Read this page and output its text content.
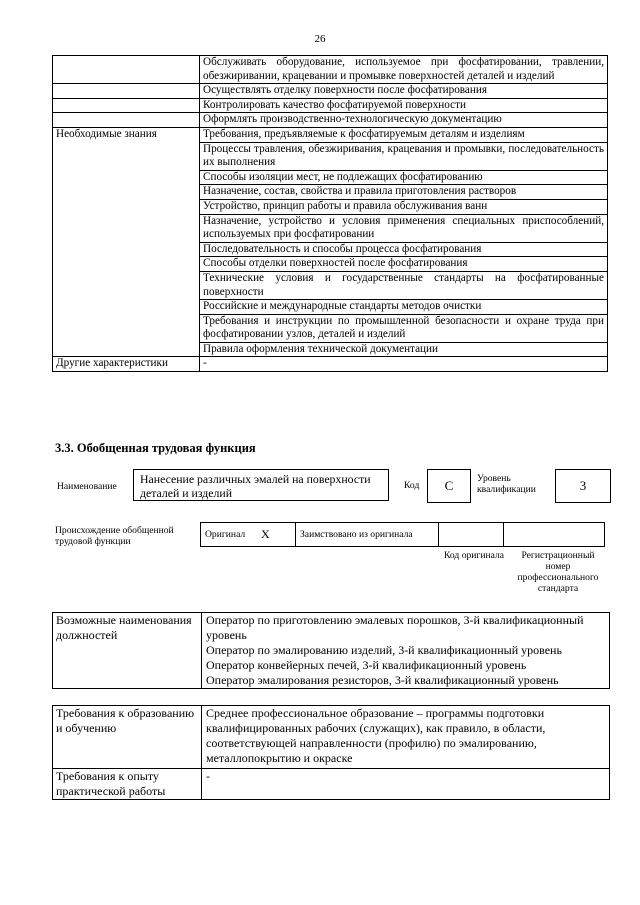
26
	Обслуживать оборудование, используемое при фосфатировании, травлении, обезжиривании, крацевании и промывке поверхностей деталей и изделий
	Осуществлять отделку поверхности после фосфатирования
	Контролировать качество фосфатируемой поверхности
	Оформлять производственно-технологическую документацию
Необходимые знания	Требования, предъявляемые к фосфатируемым деталям и изделиям
	Процессы травления, обезжиривания, крацевания и промывки, последовательность их выполнения
	Способы изоляции мест, не подлежащих фосфатированию
	Назначение, состав, свойства и правила приготовления растворов
	Устройство, принцип работы и правила обслуживания ванн
	Назначение, устройство и условия применения специальных приспособлений, используемых при фосфатировании
	Последовательность и способы процесса фосфатирования
	Способы отделки поверхностей после фосфатирования
	Технические условия и государственные стандарты на фосфатированные поверхности
	Российские и международные стандарты методов очистки
	Требования и инструкции по промышленной безопасности и охране труда при фосфатировании узлов, деталей и изделий
	Правила оформления технической документации
Другие характеристики	-
3.3. Обобщенная трудовая функция
Наименование
Нанесение различных эмалей на поверхности деталей и изделий
Код	C	Уровень квалификации	3
Происхождение обобщенной трудовой функции
Оригинал	X	Заимствовано из оригинала		
Код оригинала	Регистрационный номер профессионального стандарта
Возможные наименования должностей	
Оператор по приготовлению эмалевых порошков, 3-й квалификационный уровень
Оператор по эмалированию изделий, 3-й квалификационный уровень
Оператор конвейерных печей, 3-й квалификационный уровень
Оператор эмалирования резисторов, 3-й квалификационный уровень
Требования к образованию и обучению	Среднее профессиональное образование – программы подготовки квалифицированных рабочих (служащих), как правило, в области, соответствующей направленности (профилю) по эмалированию, металлопокрытию и окраске
Требования к опыту практической работы	-
